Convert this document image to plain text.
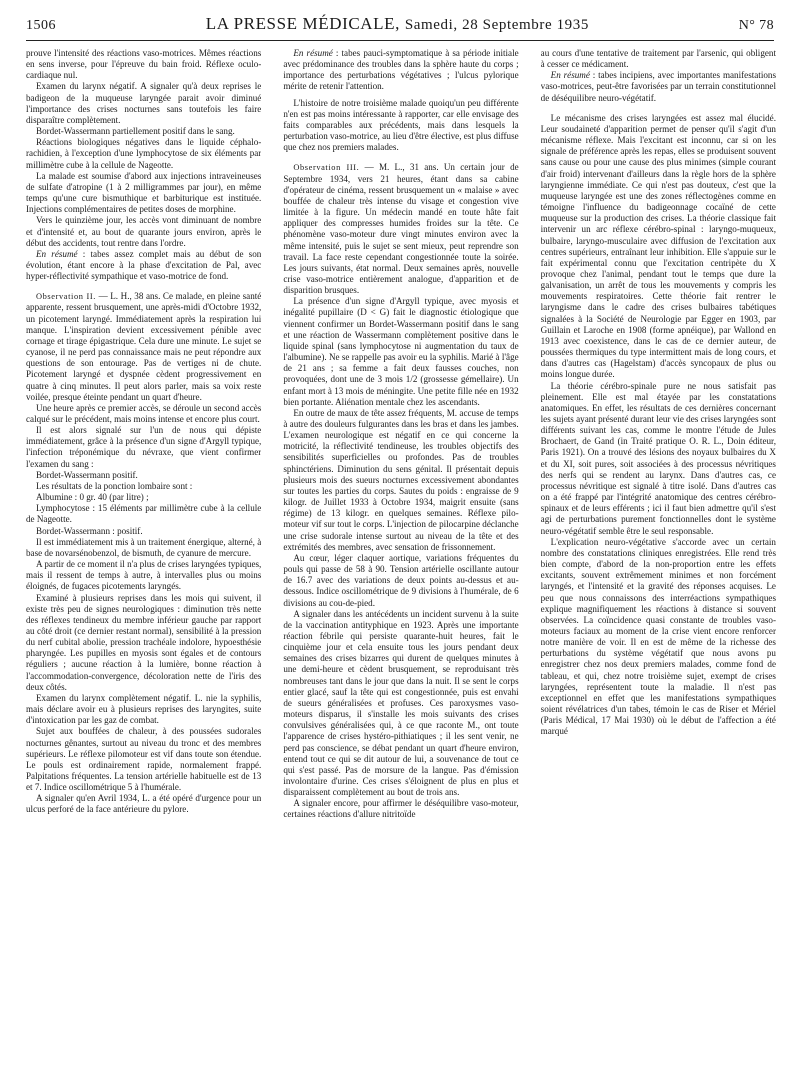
1506	LA PRESSE MÉDICALE, Samedi, 28 Septembre 1935	N° 78

prouve l'intensité des réactions vaso-motrices. Mêmes réactions en sens inverse, pour l'épreuve du bain froid. Réflexe oculo-cardiaque nul.

Examen du larynx négatif. A signaler qu'à deux reprises le badigeon de la muqueuse laryngée parait avoir diminué l'importance des crises nocturnes sans toutefois les faire disparaître complètement.

Bordet-Wassermann partiellement positif dans le sang.

Réactions biologiques négatives dans le liquide céphalo-rachidien, à l'exception d'une lymphocytose de six éléments par millimètre cube à la cellule de Nageotte.

La malade est soumise d'abord aux injections intraveineuses de sulfate d'atropine (1 à 2 milligrammes par jour), en même temps qu'une cure bismuthique et barbiturique est instituée. Injections complémentaires de petites doses de morphine.

Vers le quinzième jour, les accès vont diminuant de nombre et d'intensité et, au bout de quarante jours environ, après le début des accidents, tout rentre dans l'ordre.

En résumé : tabes assez complet mais au début de son évolution, étant encore à la phase d'excitation de Pal, avec hyper-réflectivité sympathique et vaso-motrice de fond.

Observation II. — L. H., 38 ans. Ce malade, en pleine santé apparente, ressent brusquement, une après-midi d'Octobre 1932, un picotement laryngé. Immédiatement après la respiration lui manque. L'inspiration devient excessivement pénible avec cornage et tirage épigastrique. Cela dure une minute. Le sujet se cyanose, il ne perd pas connaissance mais ne peut répondre aux questions de son entourage. Pas de vertiges ni de chute. Picotement laryngé et dyspnée cèdent progressivement en quatre à cinq minutes. Il peut alors parler, mais sa voix reste voilée, presque éteinte pendant un quart d'heure.

Une heure après ce premier accès, se déroule un second accès calqué sur le précédent, mais moins intense et encore plus court.

Il est alors signalé sur l'un de nous qui dépiste immédiatement, grâce à la présence d'un signe d'Argyll typique, l'infection tréponémique du névraxe, que vient confirmer l'examen du sang :

Bordet-Wassermann positif.

Les résultats de la ponction lombaire sont :

Albumine : 0 gr. 40 (par litre) ;

Lymphocytose : 15 éléments par millimètre cube à la cellule de Nageotte.

Bordet-Wassermann : positif.

Il est immédiatement mis à un traitement énergique, alterné, à base de novarsénobenzol, de bismuth, de cyanure de mercure.

A partir de ce moment il n'a plus de crises laryngées typiques, mais il ressent de temps à autre, à intervalles plus ou moins éloignés, de fugaces picotements laryngés.

Examiné à plusieurs reprises dans les mois qui suivent, il existe très peu de signes neurologiques : diminution très nette des réflexes tendineux du membre inférieur gauche par rapport au côté droit (ce dernier restant normal), sensibilité à la pression du nerf cubital abolie, pression trachéale indolore, hypoesthésie pharyngée. Les pupilles en myosis sont égales et de contours réguliers ; aucune réaction à la lumière, bonne réaction à l'accommodation-convergence, décoloration nette de l'iris des deux côtés.

Examen du larynx complètement négatif. L. nie la syphilis, mais déclare avoir eu à plusieurs reprises des laryngites, suite d'intoxication par les gaz de combat.

Sujet aux bouffées de chaleur, à des poussées sudorales nocturnes gênantes, surtout au niveau du tronc et des membres supérieurs. Le réflexe pilomoteur est vif dans toute son étendue. Le pouls est ordinairement rapide, normalement frappé. Palpitations fréquentes. La tension artérielle habituelle est de 13 et 7. Indice oscillométrique 5 à l'humérale.

A signaler qu'en Avril 1934, L. a été opéré d'urgence pour un ulcus perforé de la face antérieure du pylore.

En résumé : tabes pauci-symptomatique à sa période initiale avec prédominance des troubles dans la sphère haute du corps ; importance des perturbations végétatives ; l'ulcus pylorique mérite de retenir l'attention.

L'histoire de notre troisième malade quoiqu'un peu différente n'en est pas moins intéressante à rapporter, car elle envisage des faits comparables aux précédents, mais dans lesquels la perturbation vaso-motrice, au lieu d'être élective, est plus diffuse que chez nos premiers malades.

Observation III. — M. L., 31 ans. Un certain jour de Septembre 1934, vers 21 heures, étant dans sa cabine d'opérateur de cinéma, ressent brusquement un « malaise » avec bouffée de chaleur très intense du visage et congestion vive limitée à la figure. Un médecin mandé en toute hâte fait appliquer des compresses humides froides sur la tête. Ce phénomène vaso-moteur dure vingt minutes environ avec la même intensité, puis le sujet se sent mieux, peut reprendre son travail. La face reste cependant congestionnée toute la soirée. Les jours suivants, état normal. Deux semaines après, nouvelle crise vaso-motrice entièrement analogue, d'apparition et de disparition brusques.

La présence d'un signe d'Argyll typique, avec myosis et inégalité pupillaire (D < G) fait le diagnostic étiologique que viennent confirmer un Bordet-Wassermann positif dans le sang et une réaction de Wassermann complètement positive dans le liquide spinal (sans lymphocytose ni augmentation du taux de l'albumine). Ne se rappelle pas avoir eu la syphilis. Marié à l'âge de 21 ans ; sa femme a fait deux fausses couches, non provoquées, dont une de 3 mois 1/2 (grossesse gémellaire). Un enfant mort à 13 mois de méningite. Une petite fille née en 1932 bien portante. Aliénation mentale chez les ascendants.

En outre de maux de tête assez fréquents, M. accuse de temps à autre des douleurs fulgurantes dans les bras et dans les jambes. L'examen neurologique est négatif en ce qui concerne la motricité, la réflectivité tendineuse, les troubles objectifs des sensibilités superficielles ou profondes. Pas de troubles sphinctériens. Diminution du sens génital. Il présentait depuis plusieurs mois des sueurs nocturnes excessivement abondantes sur toutes les parties du corps. Sautes du poids : engraisse de 9 kilogr. de Juillet 1933 à Octobre 1934, maigrit ensuite (sans régime) de 13 kilogr. en quelques semaines. Réflexe pilo-moteur vif sur tout le corps. L'injection de pilocarpine déclanche une crise sudorale intense surtout au niveau de la tête et des extrémités des membres, avec sensation de frissonnement.

Au cœur, léger claquer aortique, variations fréquentes du pouls qui passe de 58 à 90. Tension artérielle oscillante autour de 16.7 avec des variations de deux points au-dessus et au-dessous. Indice oscillométrique de 9 divisions à l'humérale, de 6 divisions au cou-de-pied.

A signaler dans les antécédents un incident survenu à la suite de la vaccination antityphique en 1923. Après une importante réaction fébrile qui persiste quarante-huit heures, fait le cinquième jour et cela ensuite tous les jours pendant deux semaines des crises bizarres qui durent de quelques minutes à une demi-heure et cèdent brusquement, se reproduisant très nombreuses tant dans le jour que dans la nuit. Il se sent le corps entier glacé, sauf la tête qui est congestionnée, puis est envahi de sueurs généralisées et profuses. Ces paroxysmes vaso-moteurs disparus, il s'installe les mois suivants des crises convulsives généralisées qui, à ce que raconte M., ont toute l'apparence de crises hystéro-pithiatiques ; il les sent venir, ne perd pas conscience, se débat pendant un quart d'heure environ, entend tout ce qui se dit autour de lui, a souvenance de tout ce qui s'est passé. Pas de morsure de la langue. Pas d'émission involontaire d'urine. Ces crises s'éloignent de plus en plus et disparaissent complètement au bout de trois ans.

A signaler encore, pour affirmer le déséquilibre vaso-moteur, certaines réactions d'allure nitritoïde

au cours d'une tentative de traitement par l'arsenic, qui obligent à cesser ce médicament.

En résumé : tabes incipiens, avec importantes manifestations vaso-motrices, peut-être favorisées par un terrain constitutionnel de déséquilibre neuro-végétatif.

Le mécanisme des crises laryngées est assez mal élucidé. Leur soudaineté d'apparition permet de penser qu'il s'agit d'un mécanisme réflexe. Mais l'excitant est inconnu, car si on les signale de préférence après les repas, elles se produisent souvent sans cause ou pour une cause des plus minimes (simple courant d'air froid) intervenant d'ailleurs dans la règle hors de la sphère laryngienne immédiate. Ce qui n'est pas douteux, c'est que la muqueuse laryngée est une des zones réflectogènes comme en témoigne l'influence du badigeonnage cocaïné de cette muqueuse sur la production des crises. La théorie classique fait intervenir un arc réflexe cérébro-spinal : laryngo-muqueux, bulbaire, laryngo-musculaire avec diffusion de l'excitation aux centres supérieurs, entraînant leur inhibition. Elle s'appuie sur le fait expérimental connu que l'excitation centripète du X provoque chez l'animal, pendant tout le temps que dure la galvanisation, un arrêt de tous les mouvements y compris les mouvements respiratoires. Cette théorie fait rentrer le laryngisme dans le cadre des crises bulbaires tabétiques signalées à la Société de Neurologie par Egger en 1903, par Guillain et Laroche en 1908 (forme apnéique), par Wallond en 1913 avec coexistence, dans le cas de ce dernier auteur, de poussées thermiques du type intermittent mais de long cours, et dans d'autres cas (Hagelstam) d'accès syncopaux de plus ou moins longue durée.

La théorie cérébro-spinale pure ne nous satisfait pas pleinement. Elle est mal étayée par les constatations anatomiques. En effet, les résultats de ces dernières concernant les sujets ayant présenté durant leur vie des crises laryngées sont différents suivant les cas, comme le montre l'étude de Jules Brochaert, de Gand (in Traité pratique O. R. L., Doin éditeur, Paris 1921). On a trouvé des lésions des noyaux bulbaires du X et du XI, soit pures, soit associées à des processus névritiques des nerfs qui se rendent au larynx. Dans d'autres cas, ce processus névritique est signalé à titre isolé. Dans d'autres cas on a été frappé par l'intégrité anatomique des centres cérébro-spinaux et de leurs efférents ; ici il faut bien admettre qu'il s'est agi de perturbations purement fonctionnelles dont le système neuro-végétatif semble être le seul responsable.

L'explication neuro-végétative s'accorde avec un certain nombre des constatations cliniques enregistrées. Elle rend très bien compte, d'abord de la non-proportion entre les effets excitants, souvent extrêmement minimes et non forcément laryngés, et l'intensité et la gravité des réponses acquises. Le peu que nous connaissons des interréactions sympathiques explique magnifiquement les réactions à distance si souvent observées. La coïncidence quasi constante de troubles vaso-moteurs faciaux au moment de la crise vient encore renforcer notre manière de voir. Il en est de même de la richesse des perturbations du système végétatif que nous avons pu enregistrer chez nos deux premiers malades, comme fond de tableau, et qui, chez notre troisième sujet, exempt de crises laryngées, représentent toute la maladie. Il n'est pas exceptionnel en effet que les manifestations sympathiques soient révélatrices d'un tabes, témoin le cas de Riser et Mériel (Paris Médical, 17 Mai 1930) où le début de l'affection a été marqué
